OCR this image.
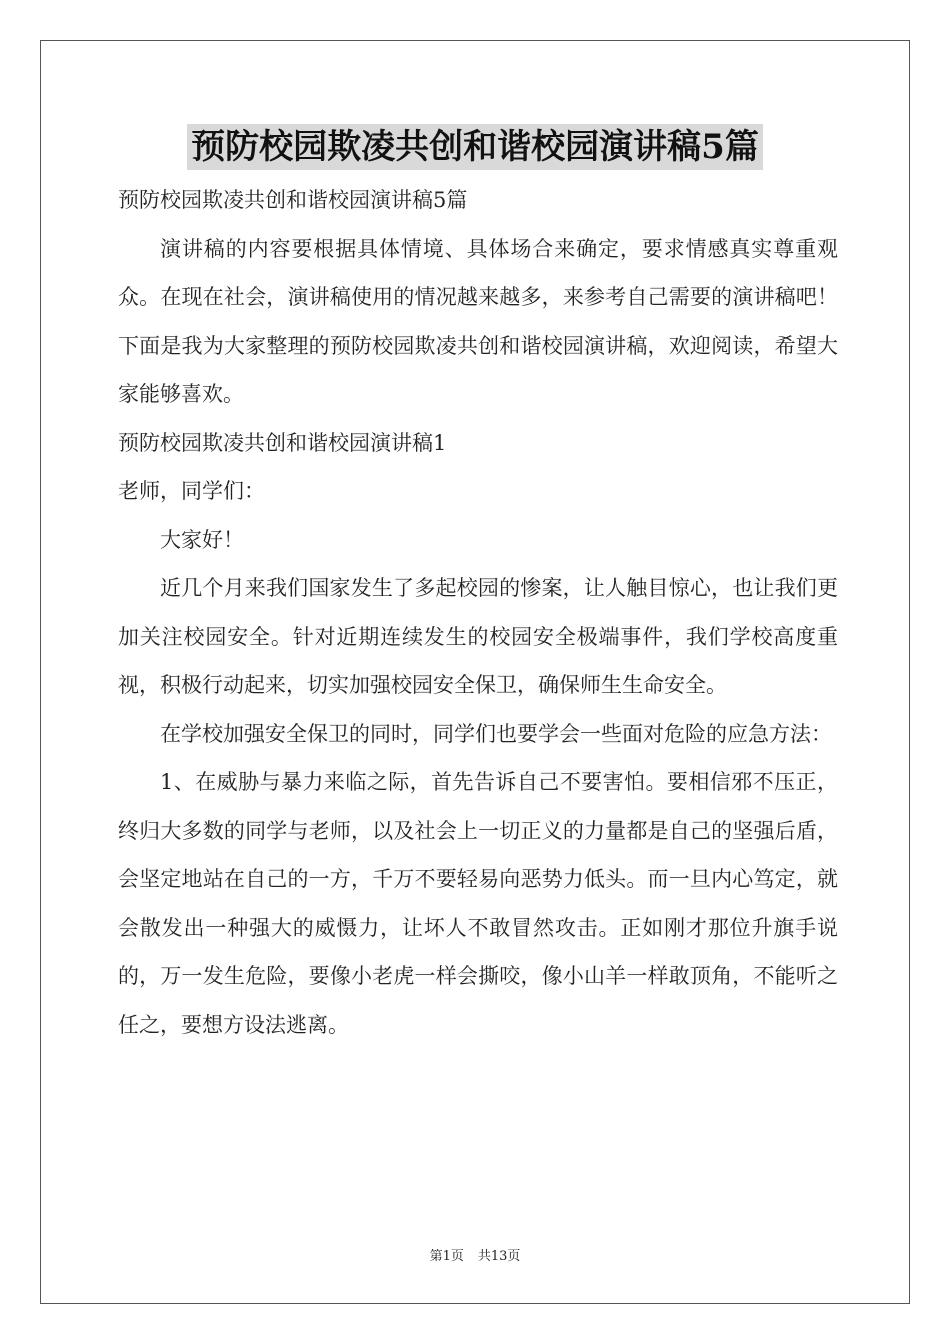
预防校园欺凌共创和谐校园演讲稿5篇

预防校园欺凌共创和谐校园演讲稿5篇

演讲稿的内容要根据具体情境、具体场合来确定，要求情感真实尊重观众。在现在社会，演讲稿使用的情况越来越多，来参考自己需要的演讲稿吧！下面是我为大家整理的预防校园欺凌共创和谐校园演讲稿，欢迎阅读，希望大家能够喜欢。

预防校园欺凌共创和谐校园演讲稿1

老师，同学们：

大家好！

近几个月来我们国家发生了多起校园的惨案，让人触目惊心，也让我们更加关注校园安全。针对近期连续发生的校园安全极端事件，我们学校高度重视，积极行动起来，切实加强校园安全保卫，确保师生生命安全。

在学校加强安全保卫的同时，同学们也要学会一些面对危险的应急方法：

1、在威胁与暴力来临之际，首先告诉自己不要害怕。要相信邪不压正，终归大多数的同学与老师，以及社会上一切正义的力量都是自己的坚强后盾，会坚定地站在自己的一方，千万不要轻易向恶势力低头。而一旦内心笃定，就会散发出一种强大的威慑力，让坏人不敢冒然攻击。正如刚才那位升旗手说的，万一发生危险，要像小老虎一样会撕咬，像小山羊一样敢顶角，不能听之任之，要想方设法逃离。

第1页 共13页
